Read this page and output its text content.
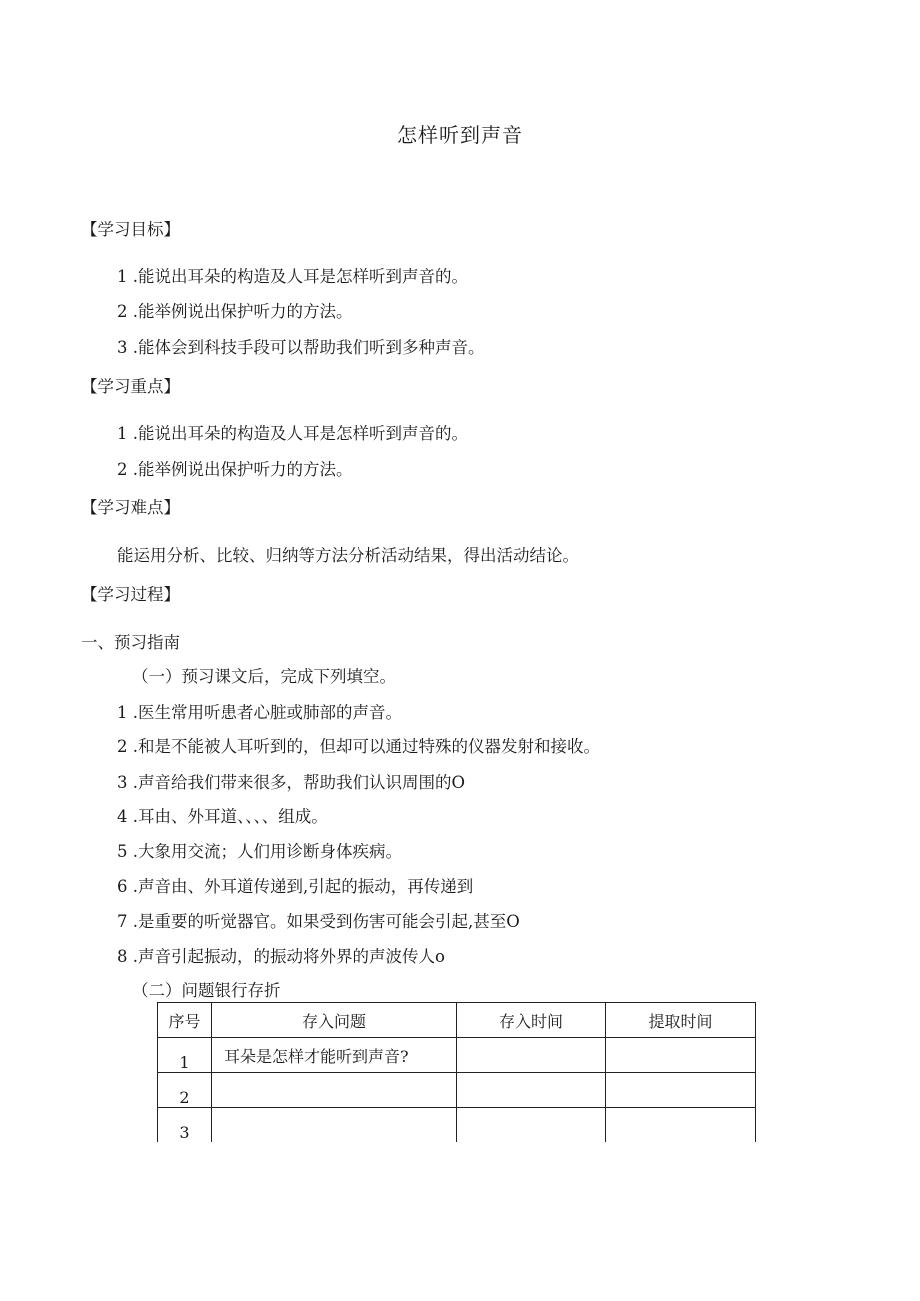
怎样听到声音
【学习目标】
1 .能说出耳朵的构造及人耳是怎样听到声音的。
2 .能举例说出保护听力的方法。
3 .能体会到科技手段可以帮助我们听到多种声音。
【学习重点】
1 .能说出耳朵的构造及人耳是怎样听到声音的。
2 .能举例说出保护听力的方法。
【学习难点】
能运用分析、比较、归纳等方法分析活动结果，得出活动结论。
【学习过程】
一、预习指南
（一）预习课文后，完成下列填空。
1 .医生常用听患者心脏或肺部的声音。
2 .和是不能被人耳听到的，但却可以通过特殊的仪器发射和接收。
3 .声音给我们带来很多，帮助我们认识周围的O
4 .耳由、外耳道、、、、组成。
5 .大象用交流；人们用诊断身体疾病。
6 .声音由、外耳道传递到,引起的振动，再传递到
7 .是重要的听觉器官。如果受到伤害可能会引起,甚至O
8 .声音引起振动，的振动将外界的声波传人o
（二）问题银行存折
序号	存入问题	存入时间	提取时间
1	耳朵是怎样才能听到声音?		
2			
3			
